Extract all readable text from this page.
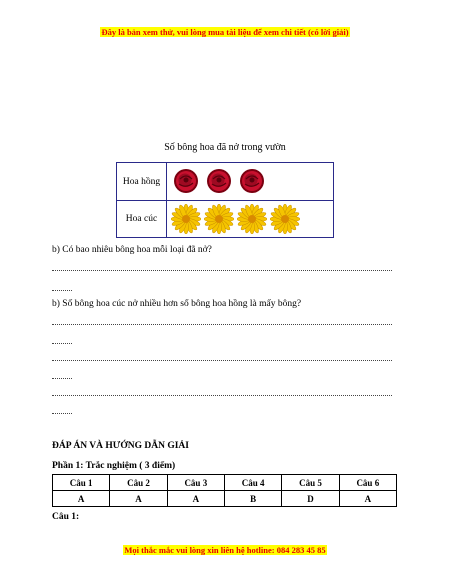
Đây là bản xem thử, vui lòng mua tài liệu để xem chi tiết (có lời giải)
Số bông hoa đã nở trong vườn
Hoa hồng
Hoa cúc
b) Có bao nhiêu bông hoa mỗi loại đã nở?
b) Số bông hoa cúc nở nhiều hơn số bông hoa hồng là mấy bông?
ĐÁP ÁN VÀ HƯỚNG DẪN GIẢI
Phần 1: Trắc nghiệm ( 3 điểm)
Câu 1	Câu 2	Câu 3	Câu 4	Câu 5	Câu 6
A	A	A	B	D	A
Câu 1:
Mọi thắc mắc vui lòng xin liên hệ hotline: 084 283 45 85
